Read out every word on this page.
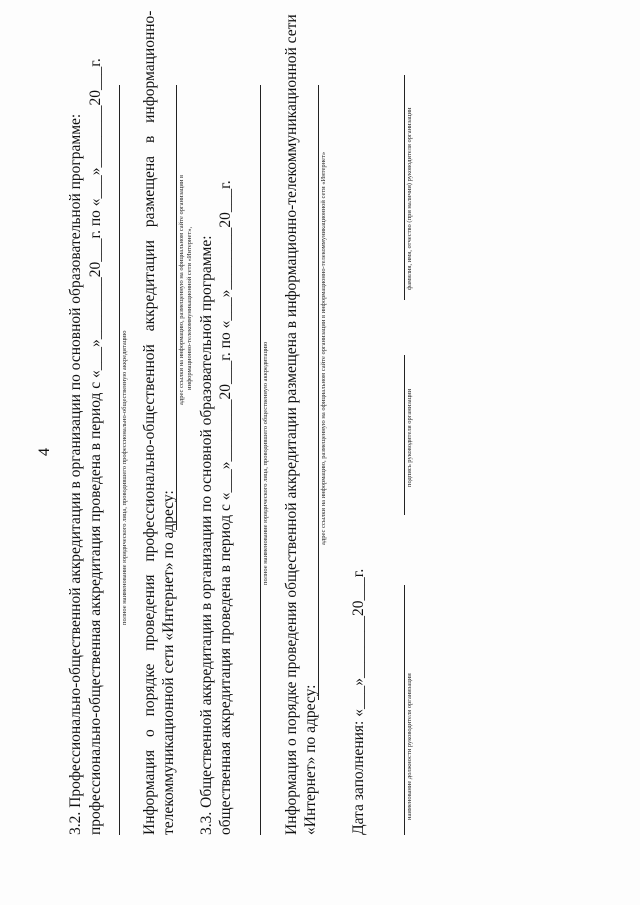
3.2. Профессионально-общественной аккредитации в организации по основной образовательной программе: профессионально-общественная аккредитация проведена в период с «___»________20___г. по «___»________20___г.	полное наименование юридического лица, проводившего профессионально-общественную аккредитацию Информация о порядке проведения профессионально-общественной аккредитации размещена в информационно- телекоммуникационной сети «Интернет» по адресу:
адрес ссылки на информацию, размещенную на официальном сайте организации в информационно-телекоммуникационной сети «Интернет», 3.3. Общественной аккредитации в организации по основной образовательной программе: общественная аккредитация проведена в период с «___»________20___г. по «___»________20___г.	полное наименование юридического лица, проводившего общественную аккредитацию Информация о порядке проведения общественной аккредитации размещена в информационно-телекоммуникационной сети «Интернет» по адресу:
адрес ссылки на информацию, размещенную на официальном сайте организации в информационно-телекоммуникационной сети «Интернет»
Дата заполнения: «___»________20___г.	наименование должности руководителя организации
подпись руководителя организации
фамилия, имя, отчество (при наличии) руководителя организации
4
